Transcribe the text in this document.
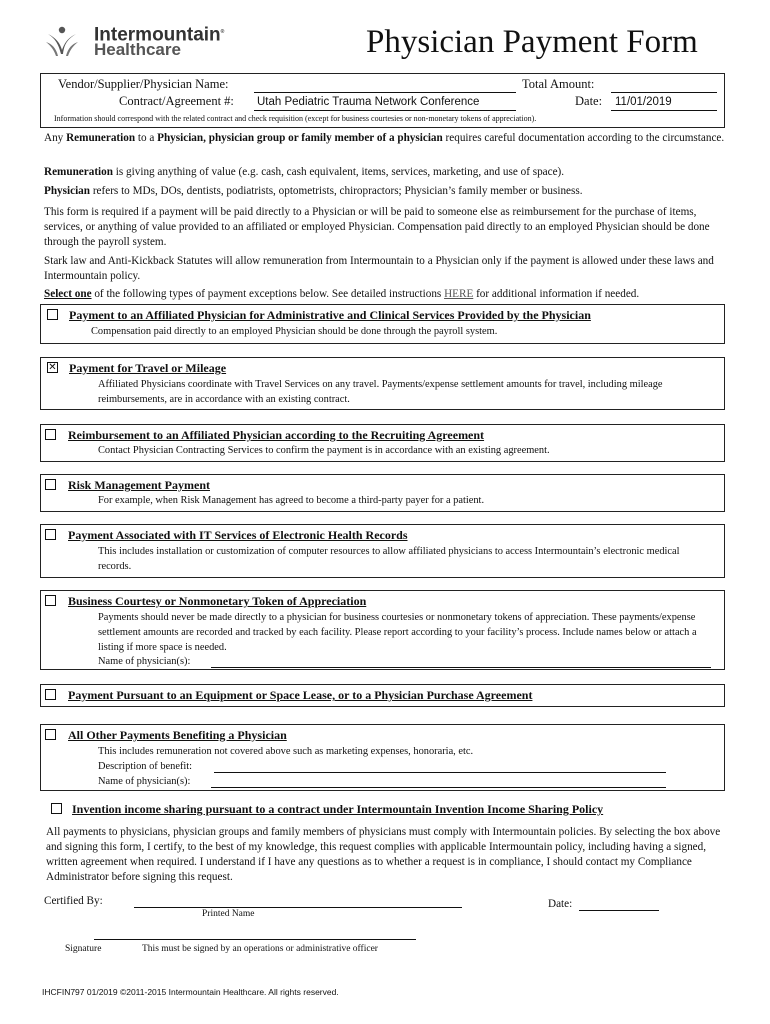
Intermountain®
Healthcare	Physician Payment Form
Vendor/Supplier/Physician Name:	Total Amount:
Contract/Agreement #: Utah Pediatric Trauma Network Conference	Date: 11/01/2019
Information should correspond with the related contract and check requisition (except for business courtesies or non-monetary tokens of appreciation).
Any Remuneration to a Physician, physician group or family member of a physician requires careful documentation according to the circumstance.
Remuneration is giving anything of value (e.g. cash, cash equivalent, items, services, marketing, and use of space).
Physician refers to MDs, DOs, dentists, podiatrists, optometrists, chiropractors; Physician’s family member or business.
This form is required if a payment will be paid directly to a Physician or will be paid to someone else as reimbursement for the purchase of items, services, or anything of value provided to an affiliated or employed Physician. Compensation paid directly to an employed Physician should be done through the payroll system.
Stark law and Anti-Kickback Statutes will allow remuneration from Intermountain to a Physician only if the payment is allowed under these laws and Intermountain policy.
Select one of the following types of payment exceptions below. See detailed instructions HERE for additional information if needed.
Payment to an Affiliated Physician for Administrative and Clinical Services Provided by the Physician
Compensation paid directly to an employed Physician should be done through the payroll system.
✕ Payment for Travel or Mileage
Affiliated Physicians coordinate with Travel Services on any travel. Payments/expense settlement amounts for travel, including mileage reimbursements, are in accordance with an existing contract.
Reimbursement to an Affiliated Physician according to the Recruiting Agreement
Contact Physician Contracting Services to confirm the payment is in accordance with an existing agreement.
Risk Management Payment
For example, when Risk Management has agreed to become a third-party payer for a patient.
Payment Associated with IT Services of Electronic Health Records
This includes installation or customization of computer resources to allow affiliated physicians to access Intermountain’s electronic medical records.
Business Courtesy or Nonmonetary Token of Appreciation
Payments should never be made directly to a physician for business courtesies or nonmonetary tokens of appreciation. These payments/expense settlement amounts are recorded and tracked by each facility. Please report according to your facility’s process. Include names below or attach a listing if more space is needed.
Name of physician(s):
Payment Pursuant to an Equipment or Space Lease, or to a Physician Purchase Agreement
All Other Payments Benefiting a Physician
This includes remuneration not covered above such as marketing expenses, honoraria, etc.
Description of benefit:
Name of physician(s):
Invention income sharing pursuant to a contract under Intermountain Invention Income Sharing Policy
All payments to physicians, physician groups and family members of physicians must comply with Intermountain policies. By selecting the box above and signing this form, I certify, to the best of my knowledge, this request complies with applicable Intermountain policy, including having a signed, written agreement when required. I understand if I have any questions as to whether a request is in compliance, I should contact my Compliance Administrator before signing this request.
Certified By:
Printed Name
Date:
Signature	This must be signed by an operations or administrative officer
IHCFIN797 01/2019 ©2011-2015 Intermountain Healthcare. All rights reserved.
